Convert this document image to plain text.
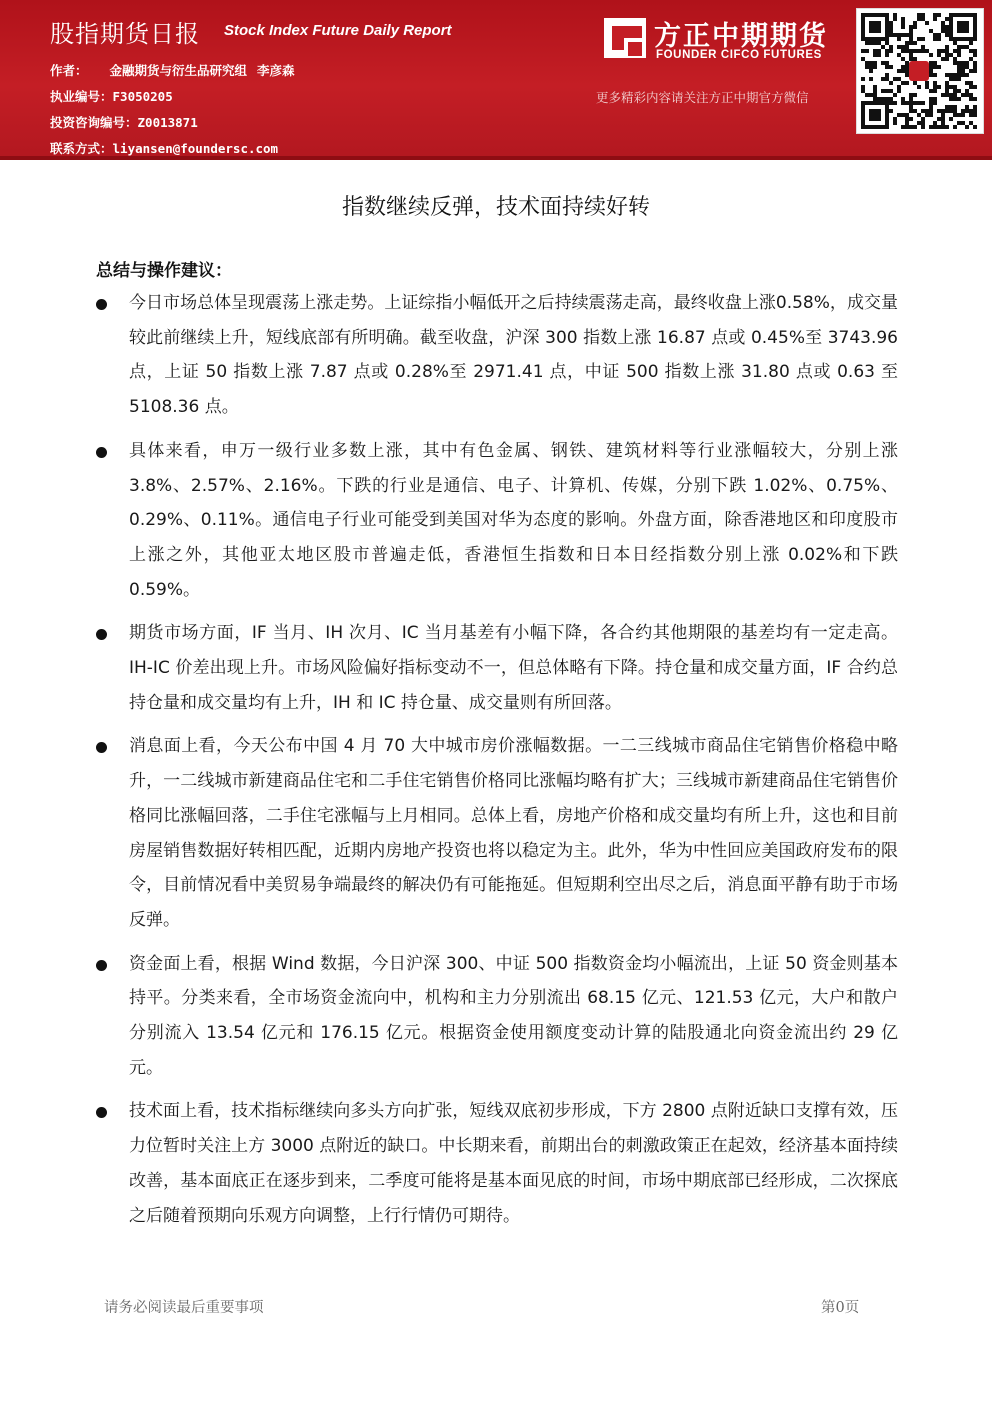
股指期货日报 Stock Index Future Daily Report
作者： 金融期货与衍生品研究组 李彦森
执业编号：F3050205
投资咨询编号：Z0013871
联系方式：liyansen@foundersc.com
方正中期期货
FOUNDER CIFCO FUTURES
更多精彩内容请关注方正中期官方微信
指数继续反弹，技术面持续好转
总结与操作建议：
今日市场总体呈现震荡上涨走势。上证综指小幅低开之后持续震荡走高，最终收盘上涨0.58%，成交量较此前继续上升，短线底部有所明确。截至收盘，沪深 300 指数上涨 16.87 点或 0.45%至 3743.96 点，上证 50 指数上涨 7.87 点或 0.28%至 2971.41 点，中证 500 指数上涨 31.80 点或 0.63 至 5108.36 点。
具体来看，申万一级行业多数上涨，其中有色金属、钢铁、建筑材料等行业涨幅较大，分别上涨 3.8%、2.57%、2.16%。下跌的行业是通信、电子、计算机、传媒，分别下跌 1.02%、0.75%、0.29%、0.11%。通信电子行业可能受到美国对华为态度的影响。外盘方面，除香港地区和印度股市上涨之外，其他亚太地区股市普遍走低，香港恒生指数和日本日经指数分别上涨 0.02%和下跌 0.59%。
期货市场方面，IF 当月、IH 次月、IC 当月基差有小幅下降，各合约其他期限的基差均有一定走高。IH-IC 价差出现上升。市场风险偏好指标变动不一，但总体略有下降。持仓量和成交量方面，IF 合约总持仓量和成交量均有上升，IH 和 IC 持仓量、成交量则有所回落。
消息面上看，今天公布中国 4 月 70 大中城市房价涨幅数据。一二三线城市商品住宅销售价格稳中略升，一二线城市新建商品住宅和二手住宅销售价格同比涨幅均略有扩大；三线城市新建商品住宅销售价格同比涨幅回落，二手住宅涨幅与上月相同。总体上看，房地产价格和成交量均有所上升，这也和目前房屋销售数据好转相匹配，近期内房地产投资也将以稳定为主。此外，华为中性回应美国政府发布的限令，目前情况看中美贸易争端最终的解决仍有可能拖延。但短期利空出尽之后，消息面平静有助于市场反弹。
资金面上看，根据 Wind 数据，今日沪深 300、中证 500 指数资金均小幅流出，上证 50 资金则基本持平。分类来看，全市场资金流向中，机构和主力分别流出 68.15 亿元、121.53 亿元，大户和散户分别流入 13.54 亿元和 176.15 亿元。根据资金使用额度变动计算的陆股通北向资金流出约 29 亿元。
技术面上看，技术指标继续向多头方向扩张，短线双底初步形成，下方 2800 点附近缺口支撑有效，压力位暂时关注上方 3000 点附近的缺口。中长期来看，前期出台的刺激政策正在起效，经济基本面持续改善，基本面底正在逐步到来，二季度可能将是基本面见底的时间，市场中期底部已经形成，二次探底之后随着预期向乐观方向调整，上行行情仍可期待。
请务必阅读最后重要事项	第0页
